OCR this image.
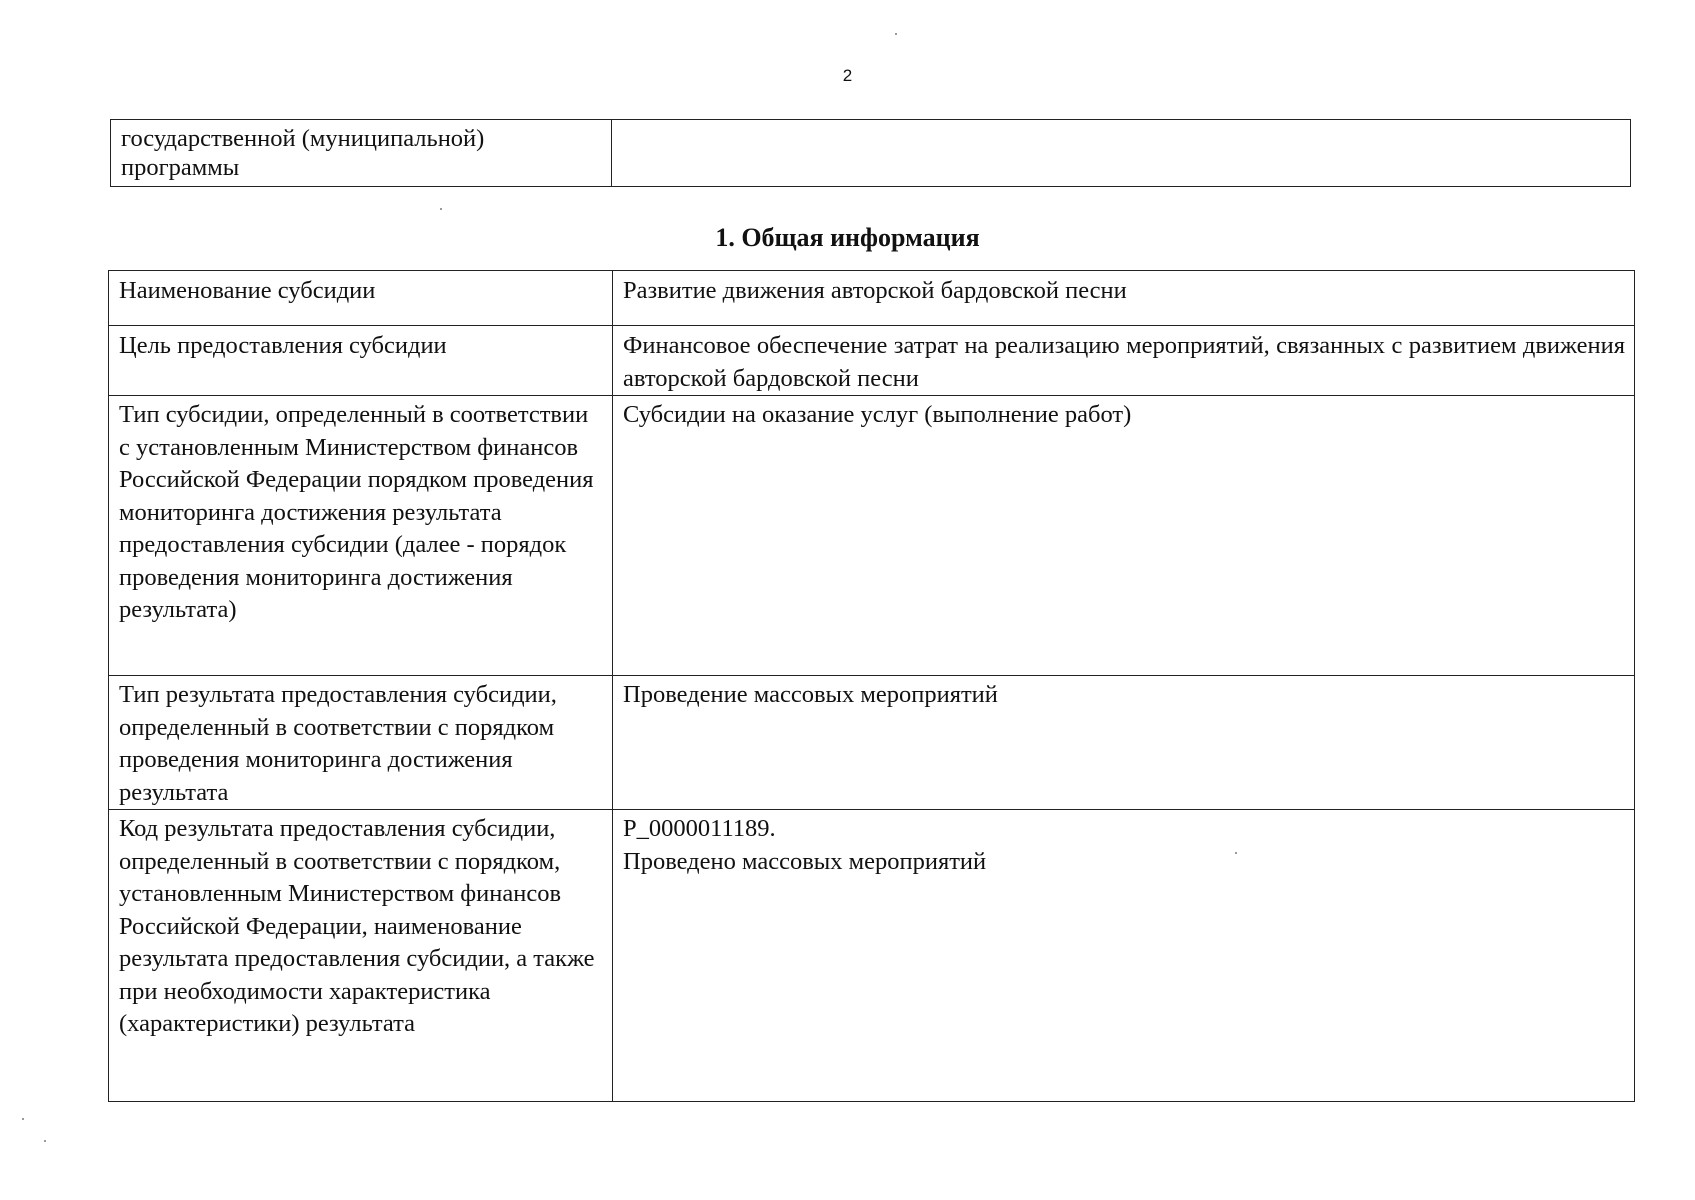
2
государственной (муниципальной) программы	
1. Общая информация
Наименование субсидии	Развитие движения авторской бардовской песни
Цель предоставления субсидии	Финансовое обеспечение затрат на реализацию мероприятий, связанных с развитием движения авторской бардовской песни
Тип субсидии, определенный в соответствии с установленным Министерством финансов Российской Федерации порядком проведения мониторинга достижения результата предоставления субсидии (далее - порядок проведения мониторинга достижения результата)	Субсидии на оказание услуг (выполнение работ)
Тип результата предоставления субсидии, определенный в соответствии с порядком проведения мониторинга достижения результата	Проведение массовых мероприятий
Код результата предоставления субсидии, определенный в соответствии с порядком, установленным Министерством финансов Российской Федерации, наименование результата предоставления субсидии, а также при необходимости характеристика (характеристики) результата	P_0000011189.
Проведено массовых мероприятий
